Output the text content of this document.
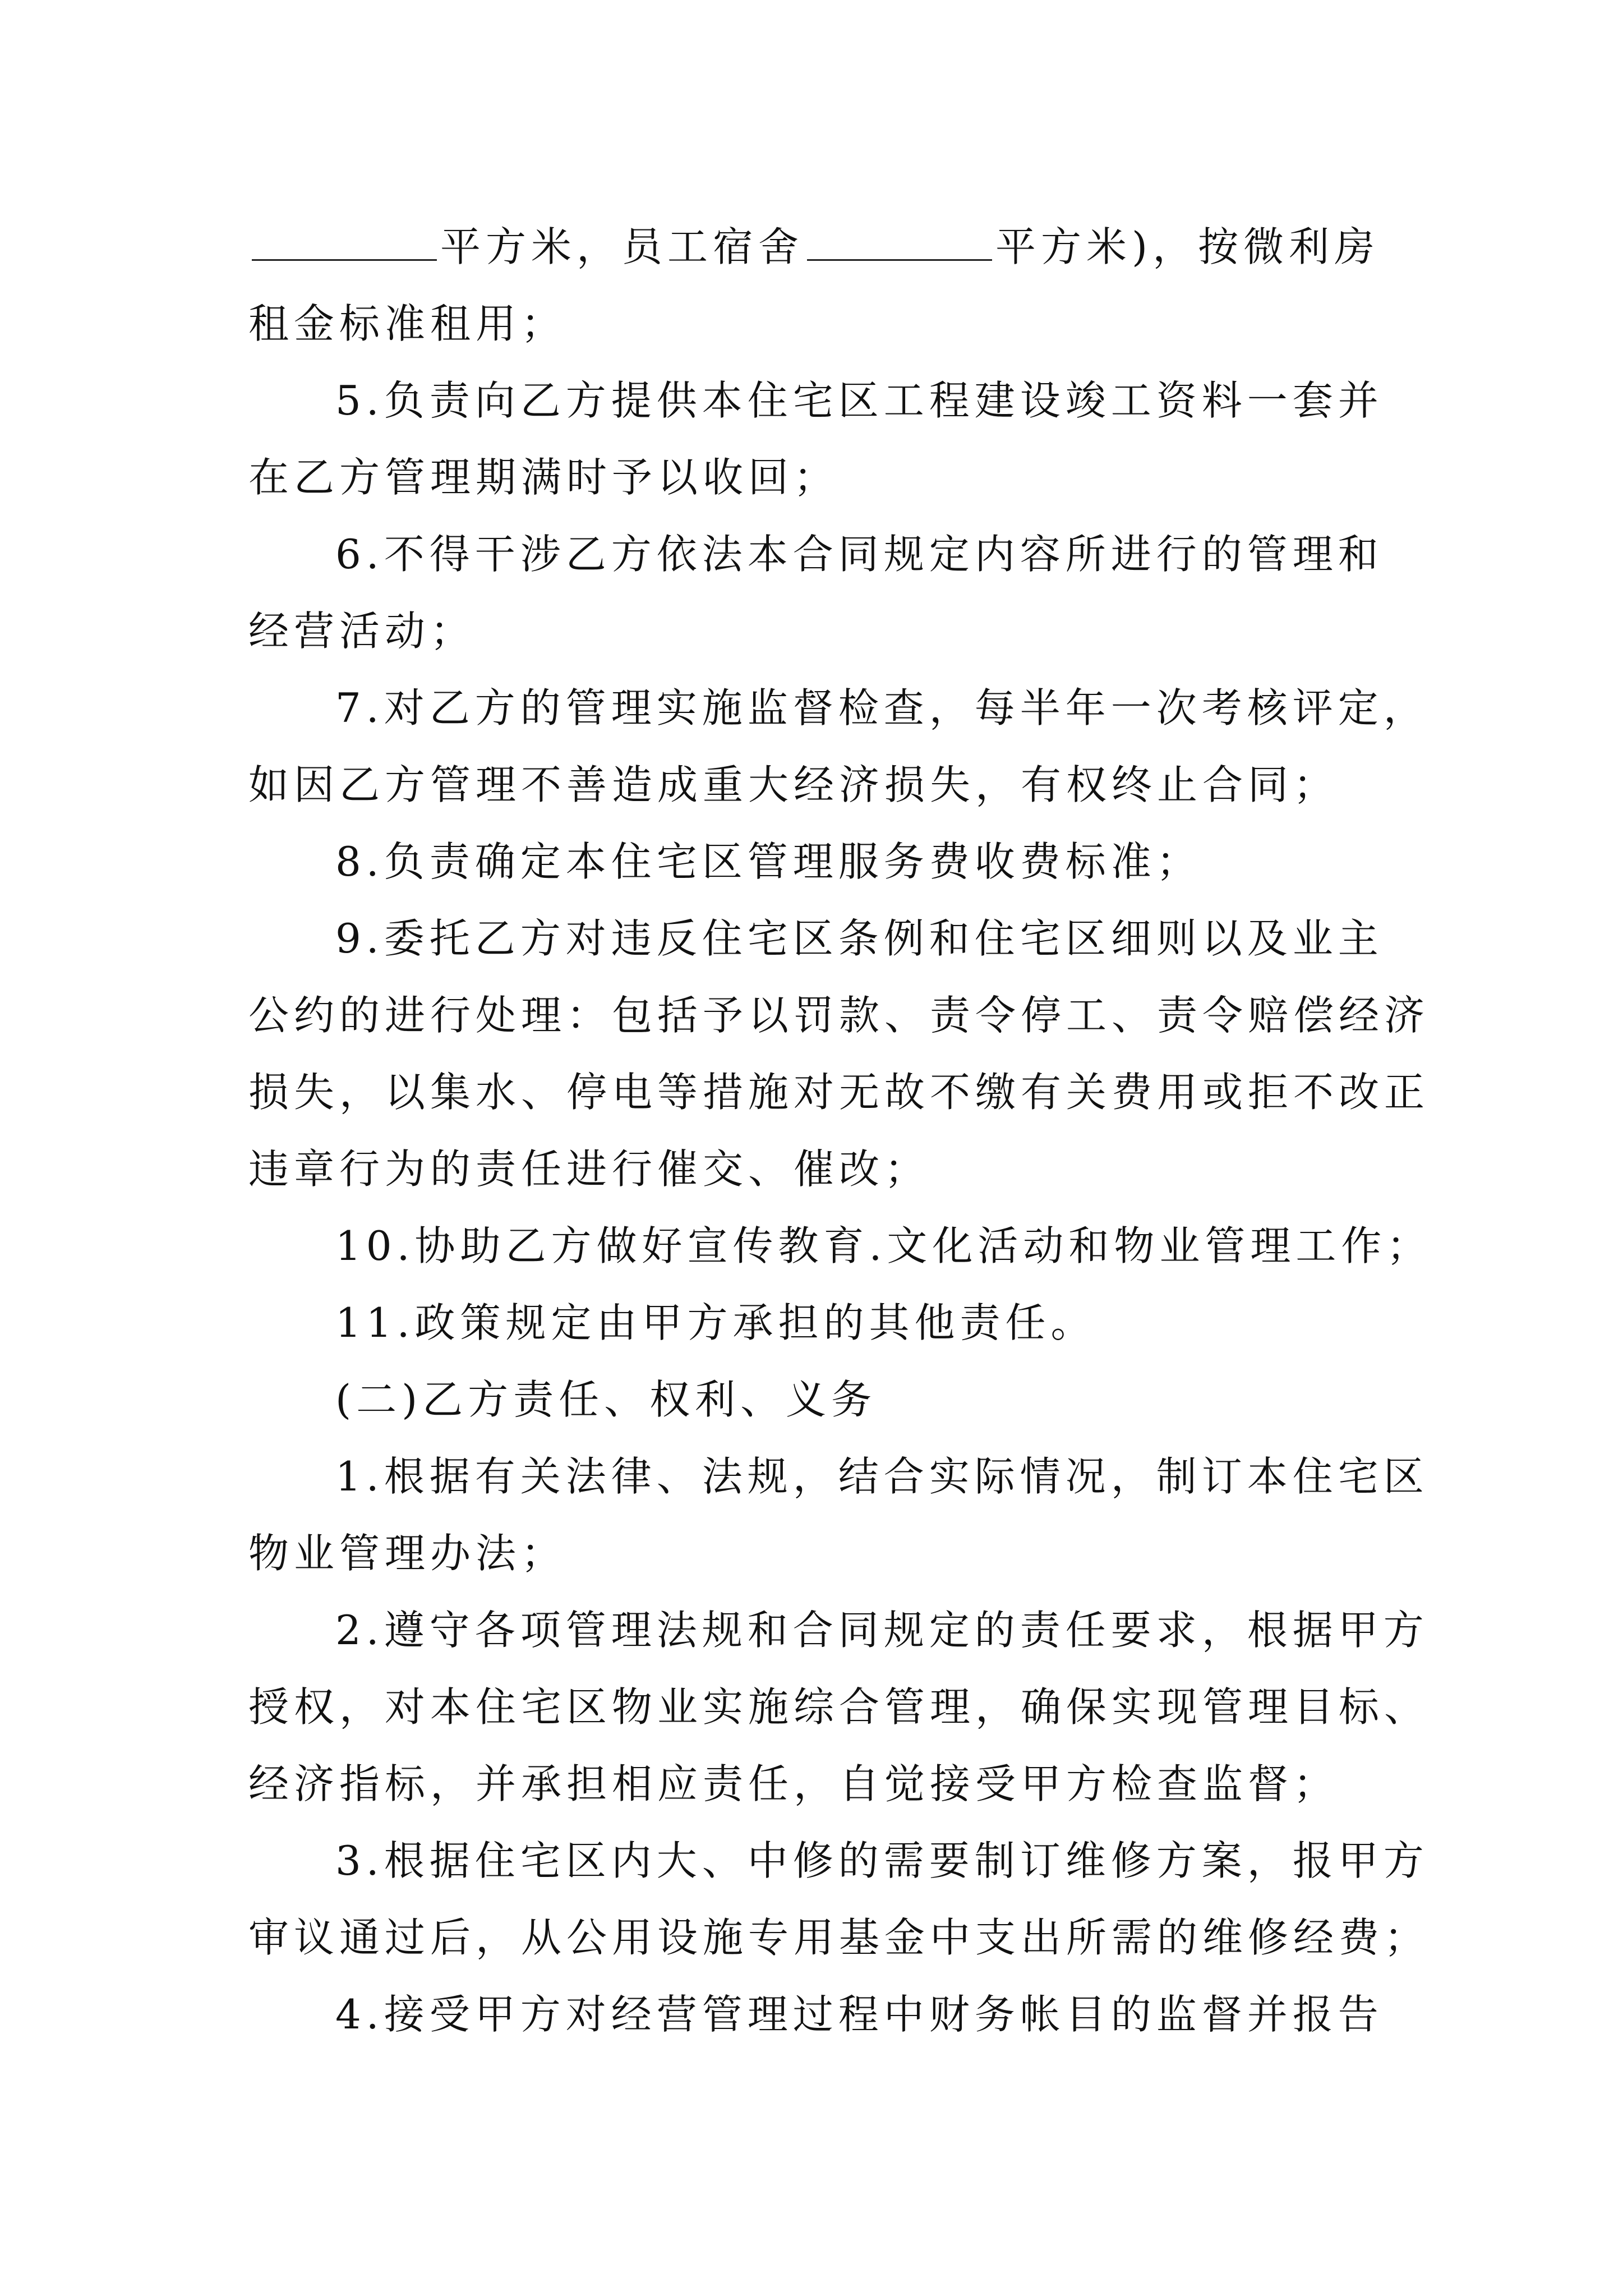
平方米，员工宿舍	平方米)，按微利房
租金标准租用；
5.负责向乙方提供本住宅区工程建设竣工资料一套并
在乙方管理期满时予以收回；
6.不得干涉乙方依法本合同规定内容所进行的管理和
经营活动；
7.对乙方的管理实施监督检查，每半年一次考核评定，
如因乙方管理不善造成重大经济损失，有权终止合同；
8.负责确定本住宅区管理服务费收费标准；
9.委托乙方对违反住宅区条例和住宅区细则以及业主
公约的进行处理：包括予以罚款、责令停工、责令赔偿经济
损失，以集水、停电等措施对无故不缴有关费用或拒不改正
违章行为的责任进行催交、催改；
10.协助乙方做好宣传教育.文化活动和物业管理工作；
11.政策规定由甲方承担的其他责任。
(二)乙方责任、权利、义务
1.根据有关法律、法规，结合实际情况，制订本住宅区
物业管理办法；
2.遵守各项管理法规和合同规定的责任要求，根据甲方
授权，对本住宅区物业实施综合管理，确保实现管理目标、
经济指标，并承担相应责任，自觉接受甲方检查监督；
3.根据住宅区内大、中修的需要制订维修方案，报甲方
审议通过后，从公用设施专用基金中支出所需的维修经费；
4.接受甲方对经营管理过程中财务帐目的监督并报告
